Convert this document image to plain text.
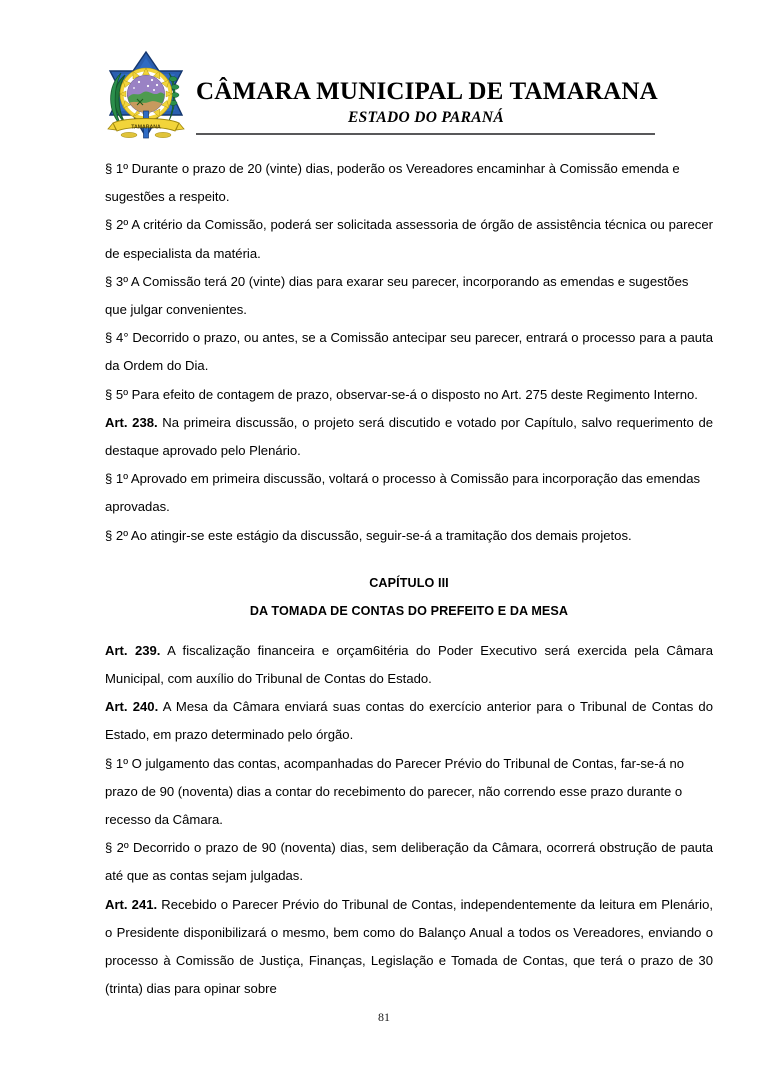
TAMARANA
CÂMARA MUNICIPAL DE TAMARANA
ESTADO DO PARANÁ

§ 1º Durante o prazo de 20 (vinte) dias, poderão os Vereadores encaminhar à Comissão emenda e sugestões a respeito.

§ 2º A critério da Comissão, poderá ser solicitada assessoria de órgão de assistência técnica ou parecer de especialista da matéria.

§ 3º A Comissão terá 20 (vinte) dias para exarar seu parecer, incorporando as emendas e sugestões que julgar convenientes.

§ 4° Decorrido o prazo, ou antes, se a Comissão antecipar seu parecer, entrará o processo para a pauta da Ordem do Dia.

§ 5º Para efeito de contagem de prazo, observar-se-á o disposto no Art. 275 deste Regimento Interno.

Art. 238. Na primeira discussão, o projeto será discutido e votado por Capítulo, salvo requerimento de destaque aprovado pelo Plenário.

§ 1º Aprovado em primeira discussão, voltará o processo à Comissão para incorporação das emendas aprovadas.

§ 2º Ao atingir-se este estágio da discussão, seguir-se-á a tramitação dos demais projetos.

CAPÍTULO III
DA TOMADA DE CONTAS DO PREFEITO E DA MESA

Art. 239. A fiscalização financeira e orçam6itéria do Poder Executivo será exercida pela Câmara Municipal, com auxílio do Tribunal de Contas do Estado.

Art. 240. A Mesa da Câmara enviará suas contas do exercício anterior para o Tribunal de Contas do Estado, em prazo determinado pelo órgão.

§ 1º O julgamento das contas, acompanhadas do Parecer Prévio do Tribunal de Contas, far-se-á no prazo de 90 (noventa) dias a contar do recebimento do parecer, não correndo esse prazo durante o recesso da Câmara.

§ 2º Decorrido o prazo de 90 (noventa) dias, sem deliberação da Câmara, ocorrerá obstrução de pauta até que as contas sejam julgadas.

Art. 241. Recebido o Parecer Prévio do Tribunal de Contas, independentemente da leitura em Plenário, o Presidente disponibilizará o mesmo, bem como do Balanço Anual a todos os Vereadores, enviando o processo à Comissão de Justiça, Finanças, Legislação e Tomada de Contas, que terá o prazo de 30 (trinta) dias para opinar sobre

81
